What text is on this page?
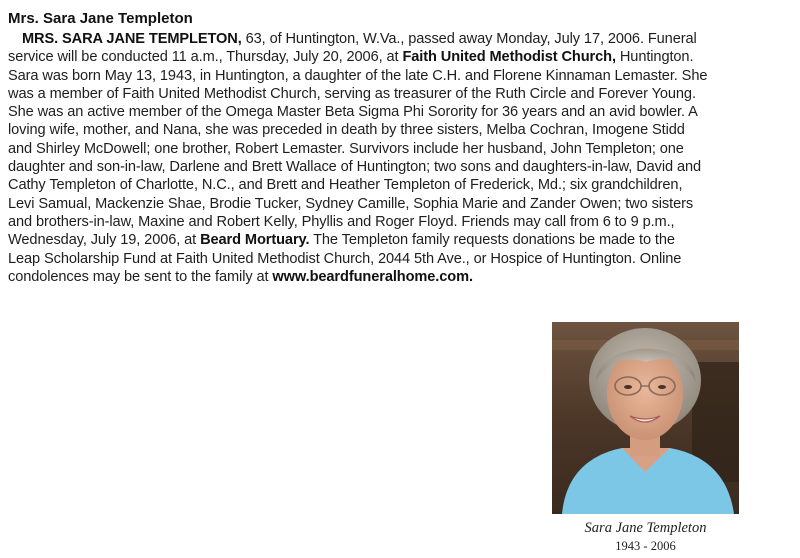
Mrs. Sara Jane Templeton
MRS. SARA JANE TEMPLETON, 63, of Huntington, W.Va., passed away Monday, July 17, 2006. Funeral
service will be conducted 11 a.m., Thursday, July 20, 2006, at Faith United Methodist Church, Huntington.
Sara was born May 13, 1943, in Huntington, a daughter of the late C.H. and Florene Kinnaman Lemaster. She
was a member of Faith United Methodist Church, serving as treasurer of the Ruth Circle and Forever Young.
She was an active member of the Omega Master Beta Sigma Phi Sorority for 36 years and an avid bowler. A
loving wife, mother, and Nana, she was preceded in death by three sisters, Melba Cochran, Imogene Stidd
and Shirley McDowell; one brother, Robert Lemaster. Survivors include her husband, John Templeton; one
daughter and son-in-law, Darlene and Brett Wallace of Huntington; two sons and daughters-in-law, David and
Cathy Templeton of Charlotte, N.C., and Brett and Heather Templeton of Frederick, Md.; six grandchildren,
Levi Samual, Mackenzie Shae, Brodie Tucker, Sydney Camille, Sophia Marie and Zander Owen; two sisters
and brothers-in-law, Maxine and Robert Kelly, Phyllis and Roger Floyd. Friends may call from 6 to 9 p.m.,
Wednesday, July 19, 2006, at Beard Mortuary. The Templeton family requests donations be made to the
Leap Scholarship Fund at Faith United Methodist Church, 2044 5th Ave., or Hospice of Huntington. Online
condolences may be sent to the family at www.beardfuneralhome.com.
Sara Jane Templeton
1943 - 2006
